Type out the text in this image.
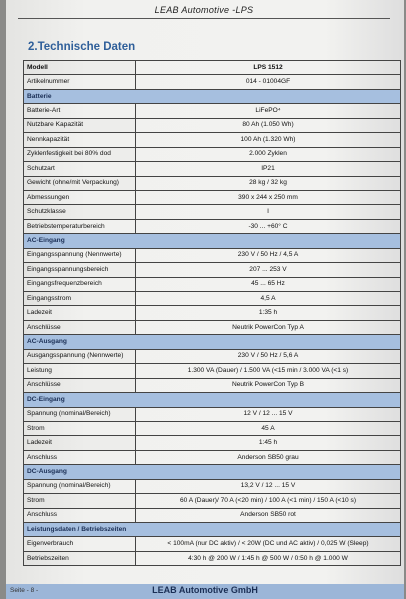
LEAB Automotive -LPS
2.Technische Daten
Modell	LPS 1512
Artikelnummer	014 - 01004GF
Batterie	
Batterie-Art	LiFePO⁴
Nutzbare Kapazität	80 Ah (1.050 Wh)
Nennkapazität	100 Ah (1.320 Wh)
Zyklenfestigkeit bei 80% dod	2.000 Zyklen
Schutzart	IP21
Gewicht (ohne/mit Verpackung)	28 kg / 32 kg
Abmessungen	390 x 244 x 250 mm
Schutzklasse	I
Betriebstemperaturbereich	-30 ... +60° C
AC-Eingang	
Eingangsspannung (Nennwerte)	230 V / 50 Hz / 4,5 A
Eingangsspannungsbereich	207 ... 253 V
Eingangsfrequenzbereich	45 ... 65 Hz
Eingangsstrom	4,5 A
Ladezeit	1:35 h
Anschlüsse	Neutrik PowerCon Typ A
AC-Ausgang	
Ausgangsspannung (Nennwerte)	230 V / 50 Hz / 5,6 A
Leistung	1.300 VA (Dauer) / 1.500 VA (<15 min / 3.000 VA (<1 s)
Anschlüsse	Neutrik PowerCon Typ B
DC-Eingang	
Spannung (nominal/Bereich)	12 V / 12 ... 15 V
Strom	45 A
Ladezeit	1:45 h
Anschluss	Anderson SB50 grau
DC-Ausgang	
Spannung (nominal/Bereich)	13,2 V / 12 ... 15 V
Strom	60 A (Dauer)/ 70 A (<20 min) / 100 A (<1 min) / 150 A (<10 s)
Anschluss	Anderson SB50 rot
Leistungsdaten / Betriebszeiten	
Eigenverbrauch	< 100mA (nur DC aktiv) / < 20W (DC und AC aktiv) / 0,025 W (Sleep)
Betriebszeiten	4:30 h @ 200 W / 1:45 h @ 500 W / 0:50 h @ 1.000 W
Seite - 8 -	LEAB Automotive GmbH
